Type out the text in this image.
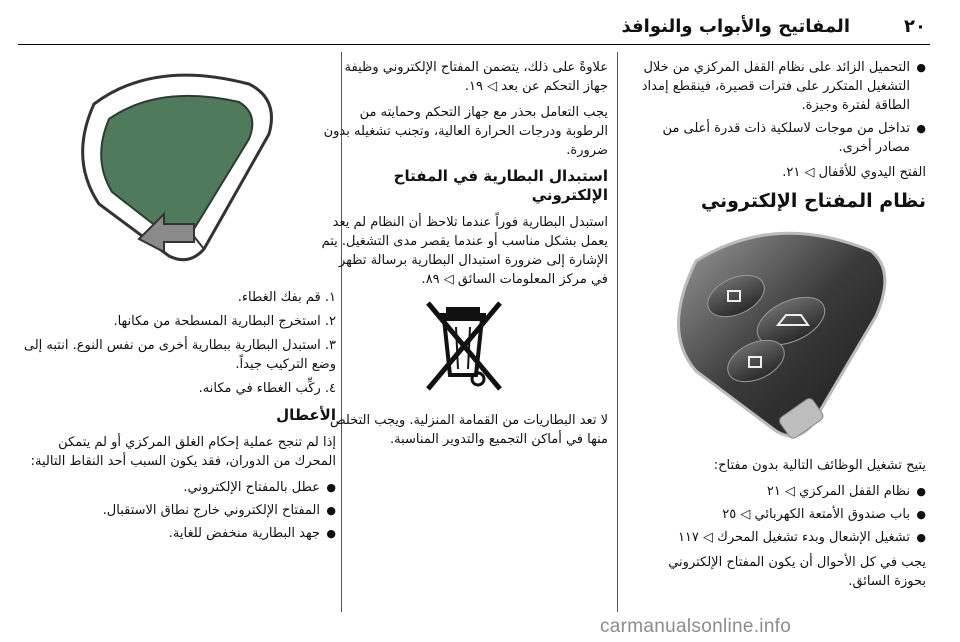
٢٠
المفاتيح والأبواب والنوافذ
● التحميل الزائد على نظام القفل المركزي من خلال التشغيل المتكرر على فترات قصيرة، فينقطع إمداد الطاقة لفترة وجيزة.
● تداخل من موجات لاسلكية ذات قدرة أعلى من مصادر أخرى.

الفتح اليدوي للأقفال ◁ ٢١.

نظام المفتاح الإلكتروني

يتيح تشغيل الوظائف التالية بدون مفتاح:

● نظام القفل المركزي ◁ ٢١
● باب صندوق الأمتعة الكهربائي ◁ ٢٥
● تشغيل الإشعال وبدء تشغيل المحرك ◁ ١١٧

يجب في كل الأحوال أن يكون المفتاح الإلكتروني بحوزة السائق.

علاوةً على ذلك، يتضمن المفتاح الإلكتروني وظيفة جهاز التحكم عن بعد ◁ ١٩.

يجب التعامل بحذر مع جهاز التحكم وحمايته من الرطوبة ودرجات الحرارة العالية، وتجنب تشغيله بدون ضرورة.

استبدال البطارية في المفتاح الإلكتروني

استبدل البطارية فوراً عندما تلاحظ أن النظام لم يعد يعمل بشكل مناسب أو عندما يقصر مدى التشغيل. يتم الإشارة إلى ضرورة استبدال البطارية برسالة تظهر في مركز المعلومات السائق ◁ ٨٩.

لا تعد البطاريات من القمامة المنزلية. ويجب التخلص منها في أماكن التجميع والتدوير المناسبة.

١. قم بفك الغطاء.
٢. استخرج البطارية المسطحة من مكانها.
٣. استبدل البطارية ببطارية أخرى من نفس النوع. انتبه إلى وضع التركيب جيداً.
٤. ركِّب الغطاء في مكانه.
الأعطال

إذا لم تنجح عملية إحكام الغلق المركزي أو لم يتمكن المحرك من الدوران، فقد يكون السبب أحد النقاط التالية:

● عطل بالمفتاح الإلكتروني.
● المفتاح الإلكتروني خارج نطاق الاستقبال.
● جهد البطارية منخفض للغاية.
carmanualsonline.info
